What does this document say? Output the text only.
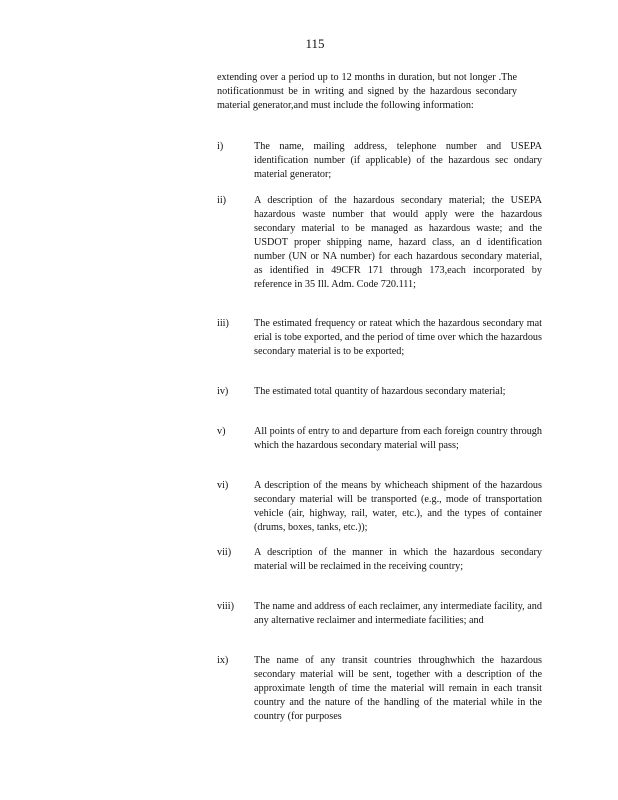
115

extending over a period up to 12 months in duration, but not longer .The notificationmust be in writing and signed by the hazardous secondary material generator,and must include the following information:

i)	The name, mailing address, telephone number and USEPA identification number (if applicable) of the hazardous sec ondary material generator;

ii)	A description of the hazardous secondary material; the USEPA hazardous waste number that would apply were the hazardous secondary material to be managed as hazardous waste; and the USDOT proper shipping name, hazard class, an d identification number (UN or NA number) for each hazardous secondary material, as identified in 49CFR 171 through 173,each incorporated by reference in 35 Ill. Adm. Code 720.111;

iii) The estimated frequency or rateat which the hazardous secondary mat erial is tobe exported, and the period of time over which the hazardous secondary material is to be exported;

iv)	The estimated total quantity of hazardous secondary material;

v)	All points of entry to and departure from each foreign country through which the hazardous secondary material will pass;

vi)	A description of the means by whicheach shipment of the hazardous secondary material will be transported (e.g., mode of transportation vehicle (air, highway, rail, water, etc.), and the types of container (drums, boxes, tanks, etc.));

vii) A description of the manner in which the hazardous secondary material will be reclaimed in the receiving country;

viii) The name and address of each reclaimer, any intermediate facility, and any alternative reclaimer and intermediate facilities; and

ix)	The name of any transit countries throughwhich the hazardous secondary material will be sent, together with a description of the approximate length of time the material will remain in each transit country and the nature of the handling of the material while in the country (for purposes
